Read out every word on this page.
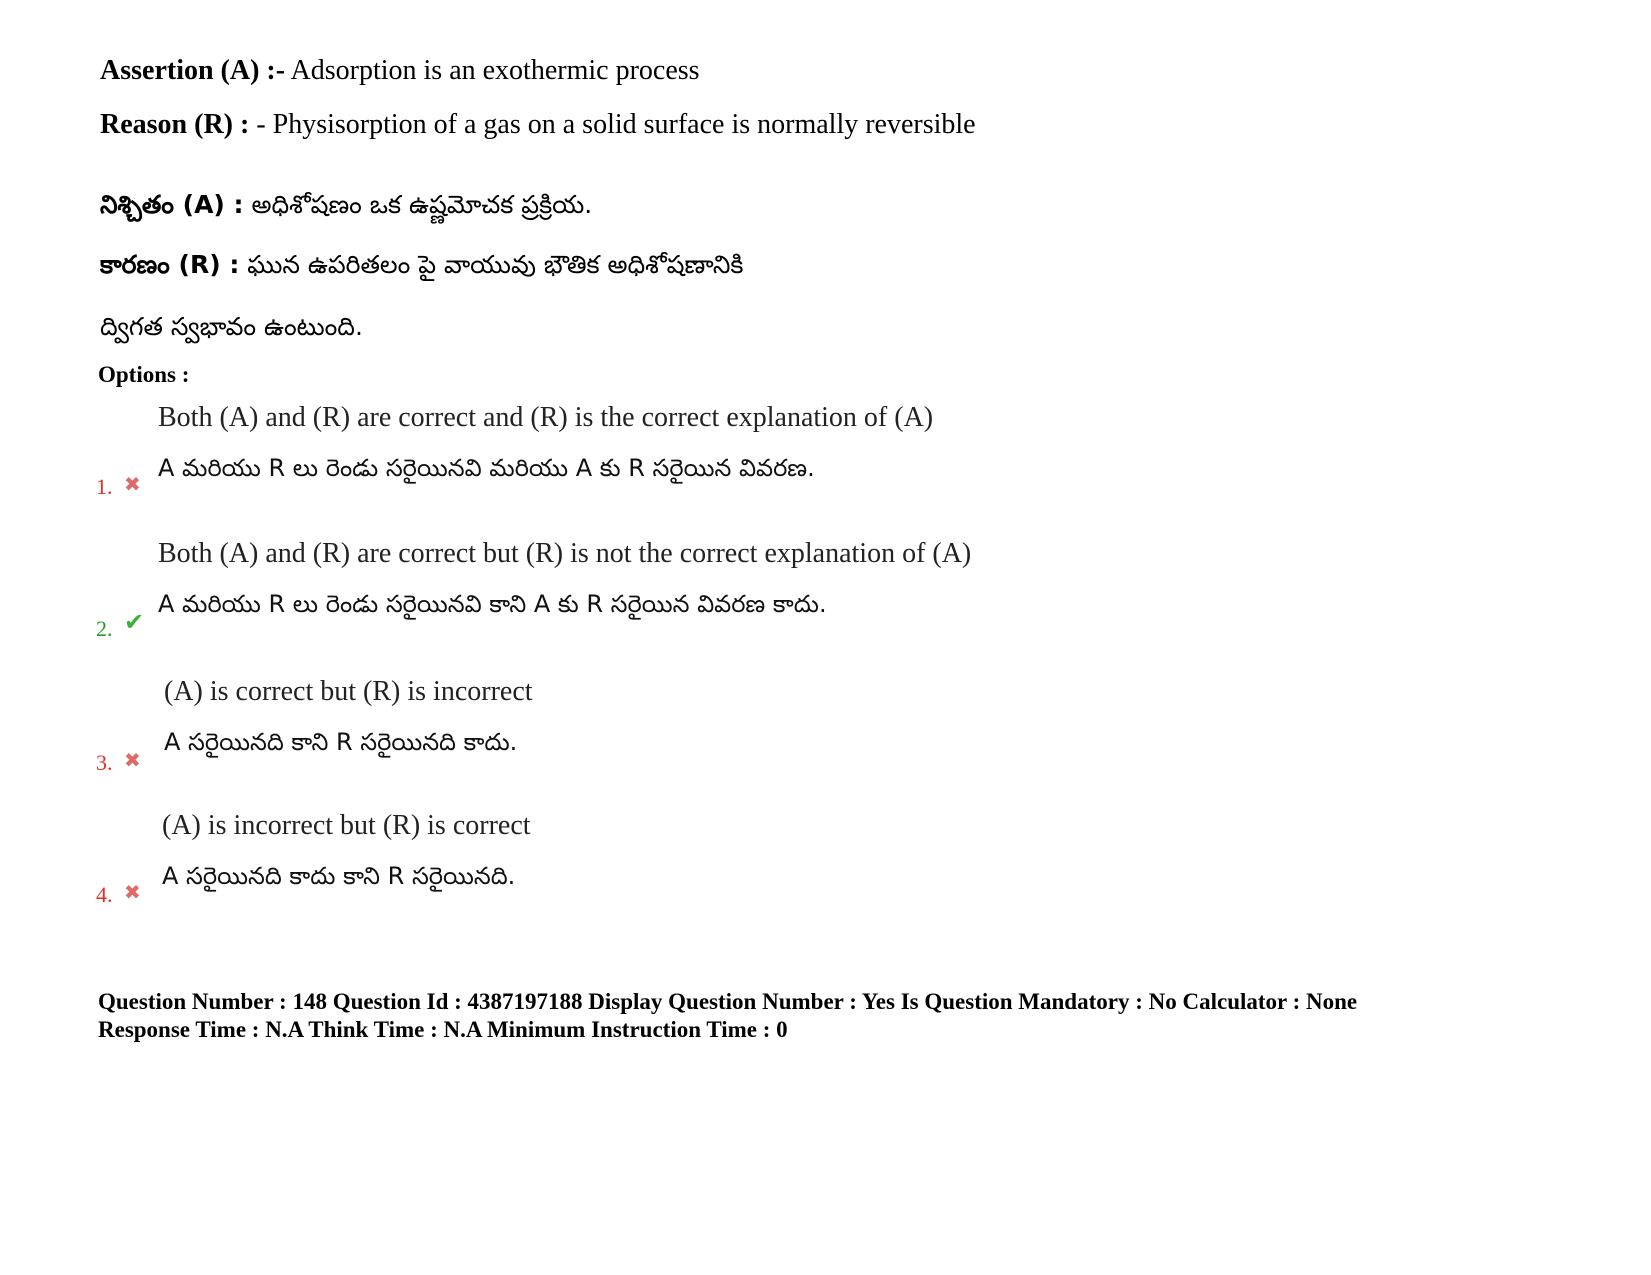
Assertion (A) :- Adsorption is an exothermic process
Reason (R) : - Physisorption of a gas on a solid surface is normally reversible
నిశ్చితం (A) : అధిశోషణం ఒక ఉష్ణమోచక ప్రక్రియ.
కారణం (R) : ఘున ఉపరితలం పై వాయువు భౌతిక అధిశోషణానికి
ద్విగత స్వభావం ఉంటుంది.
Options :
1. ✖
Both (A) and (R) are correct and (R) is the correct explanation of (A)
A మరియు R లు రెండు సరైయినవి మరియు A కు R సరైయిన వివరణ.
2. ✔
Both (A) and (R) are correct but (R) is not the correct explanation of (A)
A మరియు R లు రెండు సరైయినవి కాని A కు R సరైయిన వివరణ కాదు.
3. ✖
(A) is correct but (R) is incorrect
A సరైయినది కాని R సరైయినది కాదు.
4. ✖
(A) is incorrect but (R) is correct
A సరైయినది కాదు కాని R సరైయినది.
Question Number : 148 Question Id : 4387197188 Display Question Number : Yes Is Question Mandatory : No Calculator : None
Response Time : N.A Think Time : N.A Minimum Instruction Time : 0
